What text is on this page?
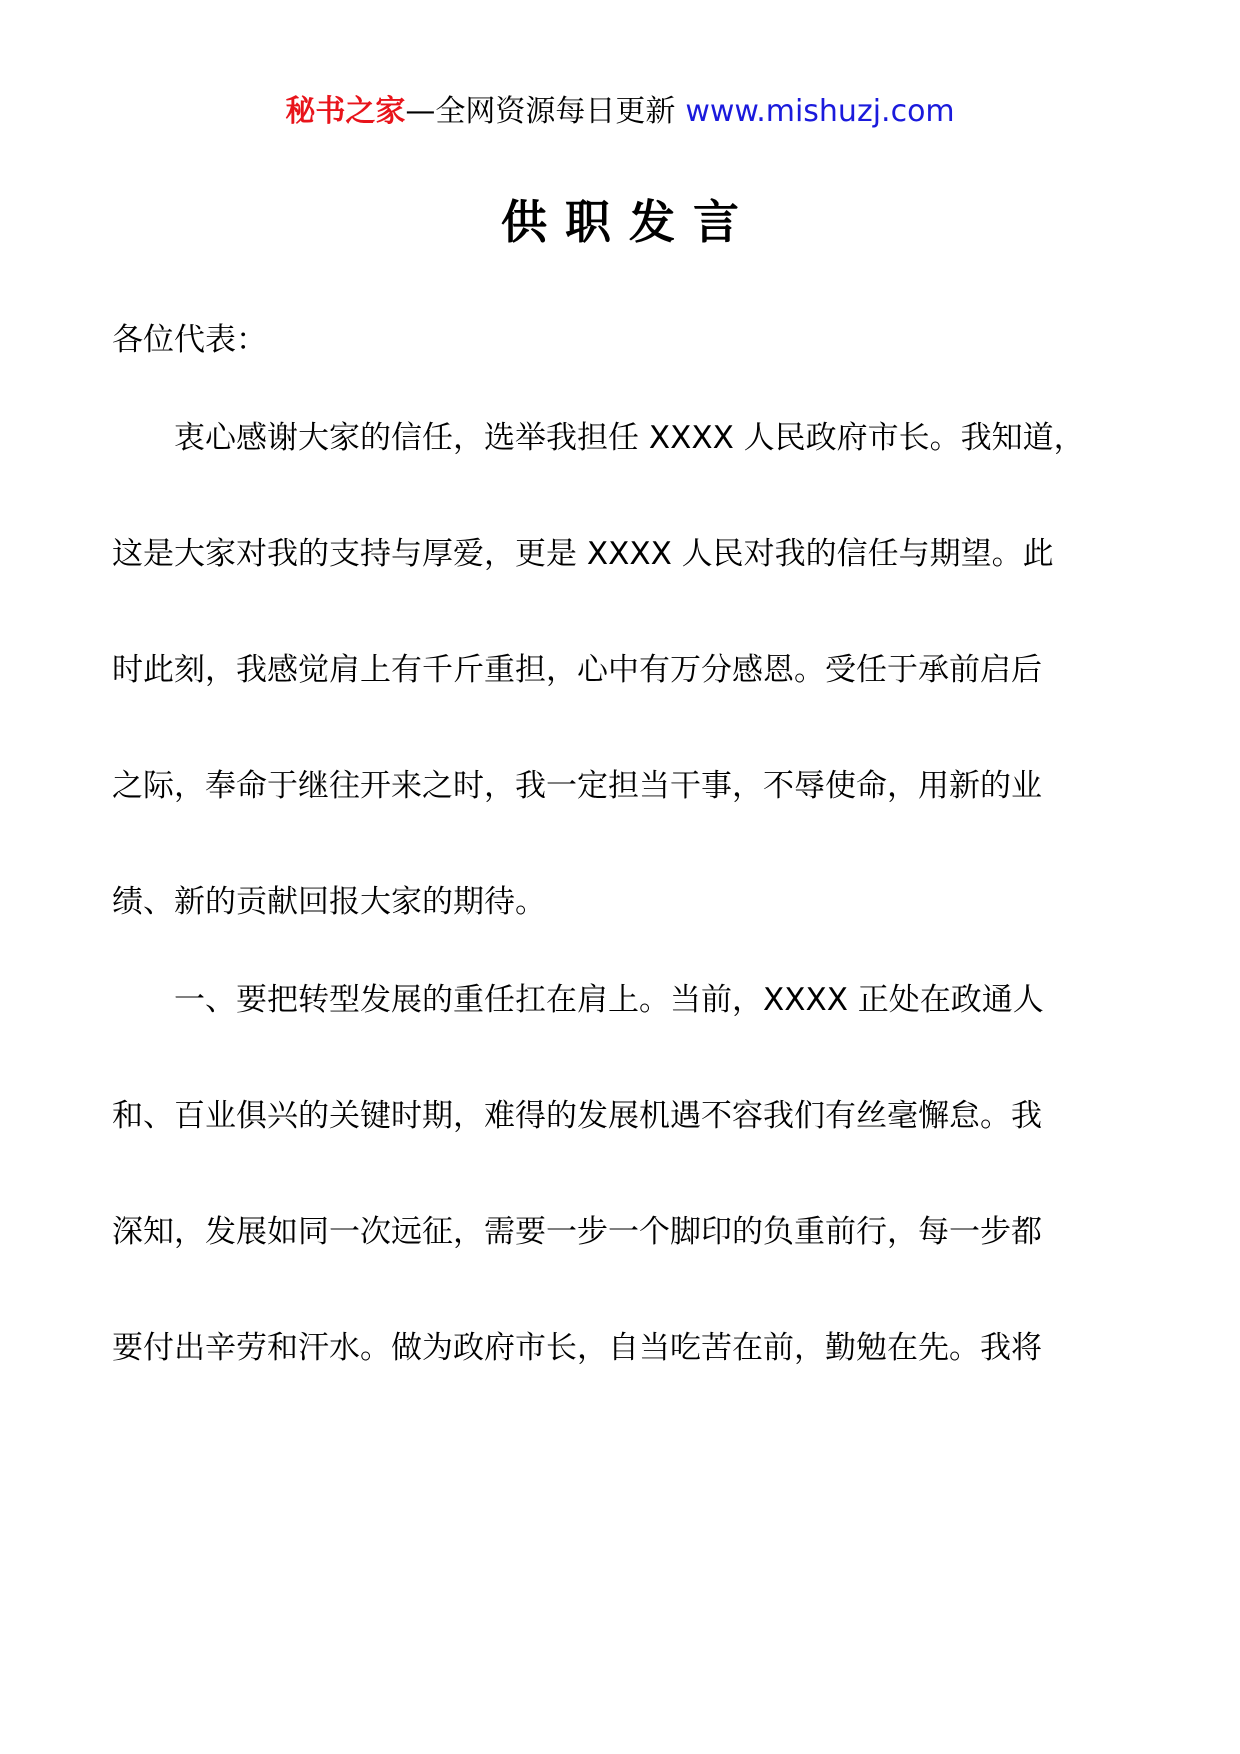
秘书之家—全网资源每日更新 www.mishuzj.com
供职发言
各位代表：
　　衷心感谢大家的信任，选举我担任 XXXX 人民政府市长。我知道，
这是大家对我的支持与厚爱，更是 XXXX 人民对我的信任与期望。此
时此刻，我感觉肩上有千斤重担，心中有万分感恩。受任于承前启后
之际，奉命于继往开来之时，我一定担当干事，不辱使命，用新的业
绩、新的贡献回报大家的期待。
　　一、要把转型发展的重任扛在肩上。当前，XXXX 正处在政通人
和、百业俱兴的关键时期，难得的发展机遇不容我们有丝毫懈怠。我
深知，发展如同一次远征，需要一步一个脚印的负重前行，每一步都
要付出辛劳和汗水。做为政府市长，自当吃苦在前，勤勉在先。我将
